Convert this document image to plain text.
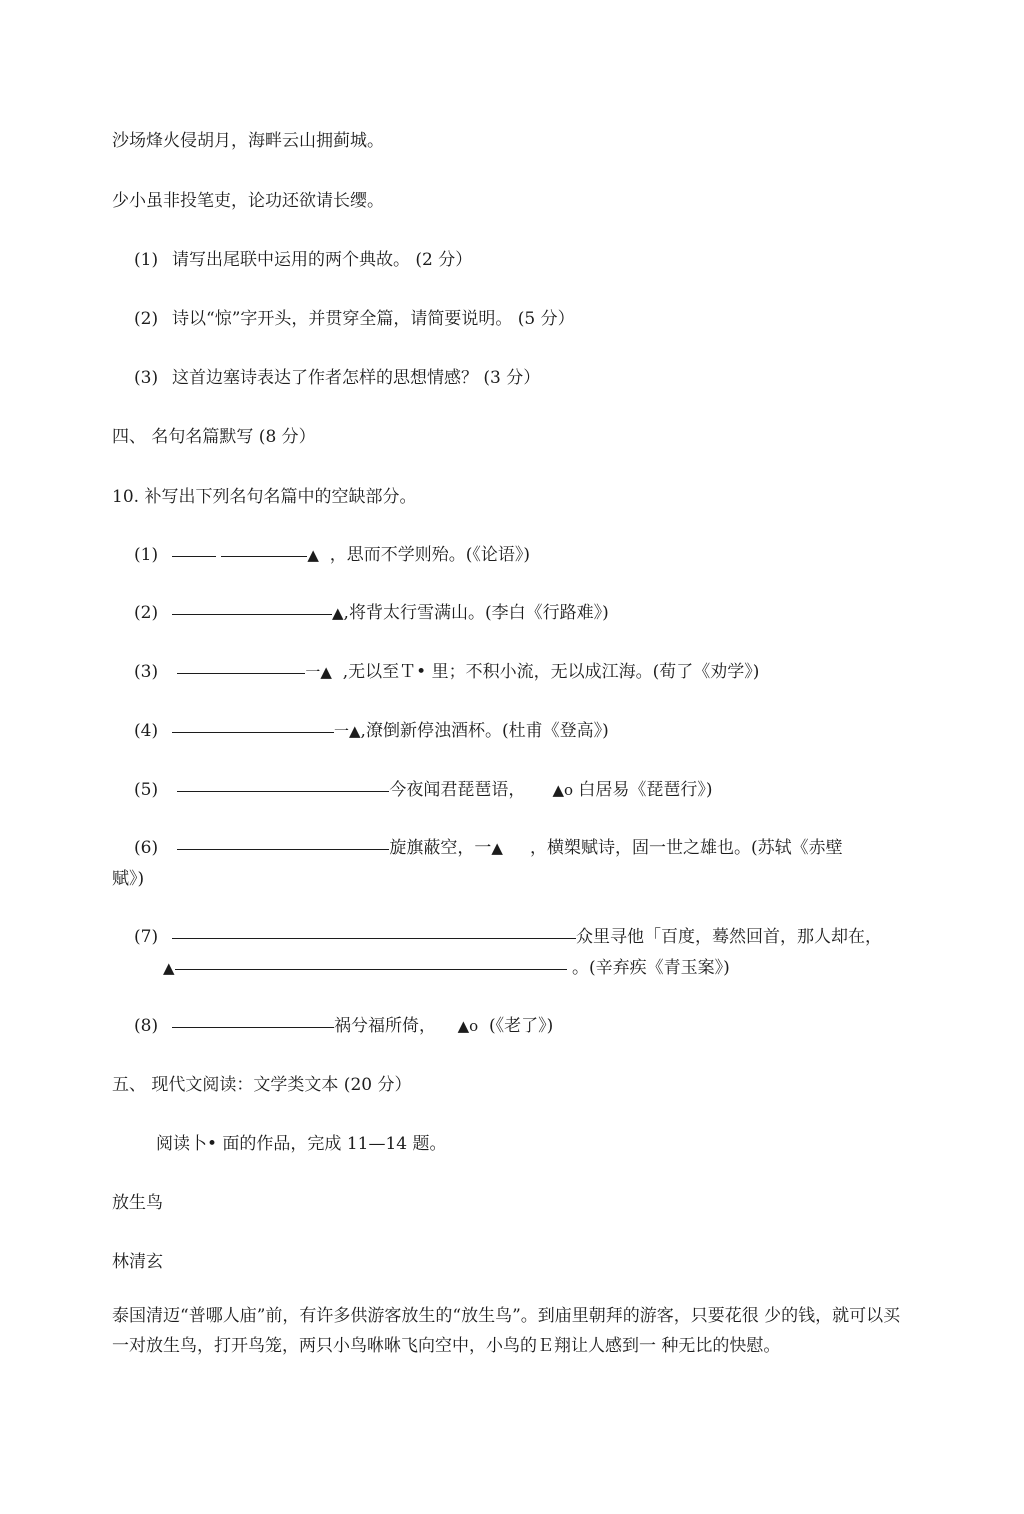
沙场烽火侵胡月，海畔云山拥蓟城。
少小虽非投笔吏，论功还欲请长缨。
(1) 请写出尾联中运用的两个典故。 (2 分）
(2) 诗以“惊”字开头，并贯穿全篇，请简要说明。 (5 分）
(3) 这首边塞诗表达了作者怎样的思想情感？ (3 分）
四、 名句名篇默写 (8 分）
10. 补写出下列名句名篇中的空缺部分。
(1)	▲ ，思而不学则殆。(《论语》)
(2)	▲,将背太行雪满山。(李白《行路难》)
(3)	一▲ ,无以至Ｔ• 里；不积小流，无以成江海。(荀了《劝学》)
(4)	一▲,潦倒新停浊酒杯。(杜甫《登高》)
(5)	今夜闻君琵琶语， ▲o 白居易《琵琶行》)
(6)	旋旗蔽空，一▲ ，横槊赋诗，固一世之雄也。(苏轼《赤壁
赋》)
(7)	众里寻他「百度，蓦然回首，那人却在，
▲	。(辛弃疾《青玉案》)
(8)	祸兮福所倚， ▲o (《老了》)
五、 现代文阅读：文学类文本 (20 分）
阅读卜• 面的作品，完成 11—14 题。
放生鸟
林清玄
泰国清迈“普哪人庙”前，有许多供游客放生的“放生鸟”。到庙里朝拜的游客，只要花很 少的钱，就可以买一对放生鸟，打开鸟笼，两只小鸟咻咻飞向空中，小鸟的Ｅ翔让人感到一 种无比的快慰。
